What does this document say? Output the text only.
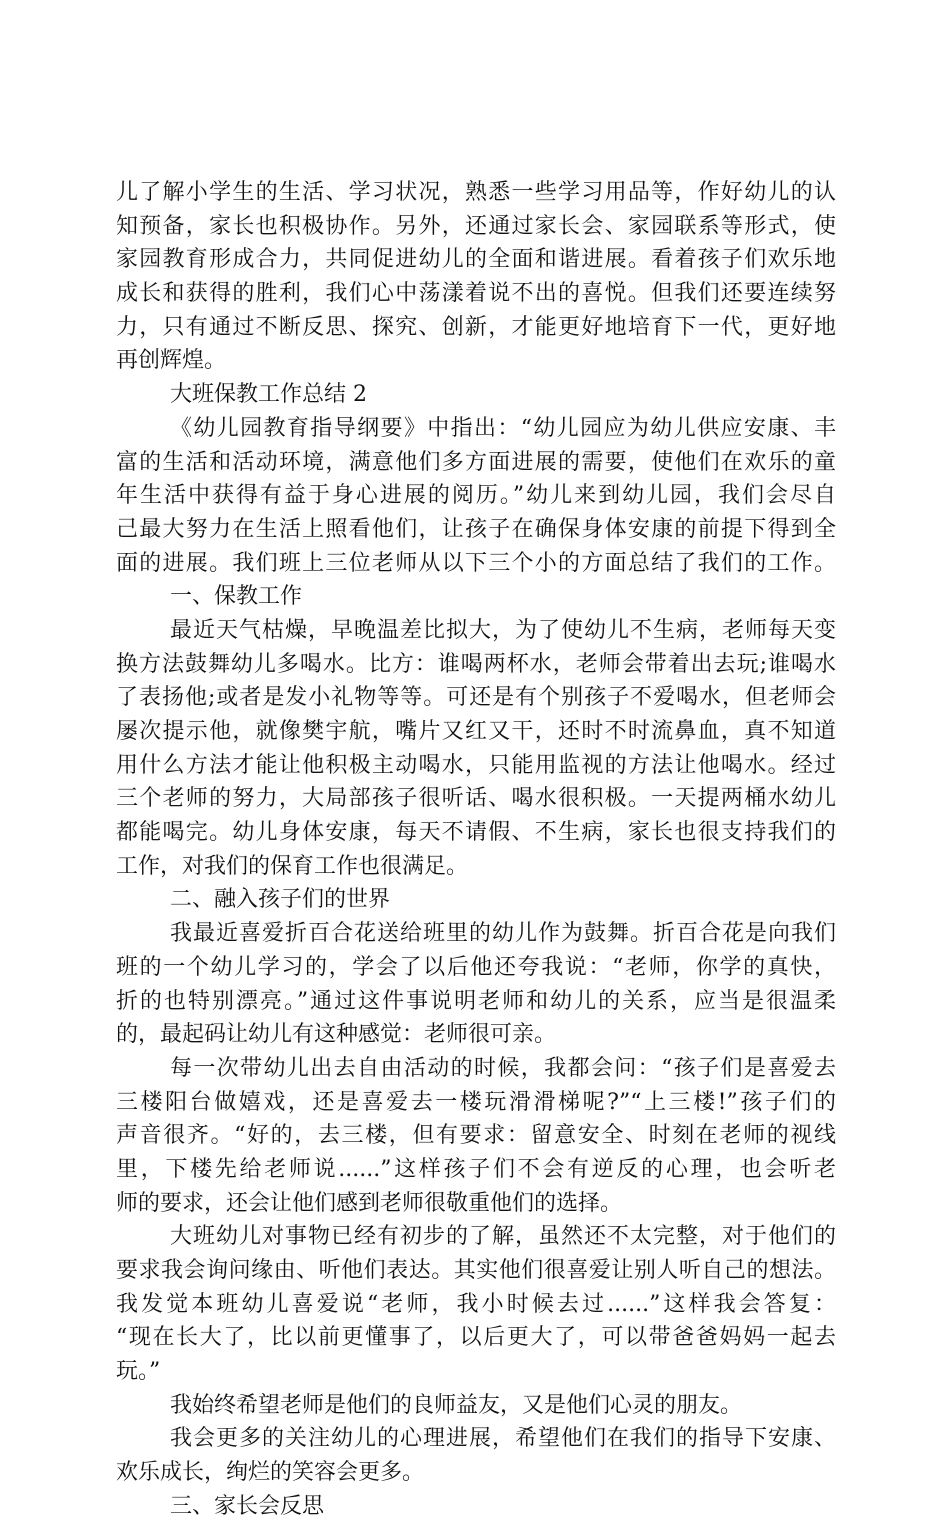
儿了解小学生的生活、学习状况，熟悉一些学习用品等，作好幼儿的认
知预备，家长也积极协作。另外，还通过家长会、家园联系等形式，使
家园教育形成合力，共同促进幼儿的全面和谐进展。看着孩子们欢乐地
成长和获得的胜利，我们心中荡漾着说不出的喜悦。但我们还要连续努
力，只有通过不断反思、探究、创新，才能更好地培育下一代，更好地
再创辉煌。
大班保教工作总结 2
《幼儿园教育指导纲要》中指出：“幼儿园应为幼儿供应安康、丰
富的生活和活动环境，满意他们多方面进展的需要，使他们在欢乐的童
年生活中获得有益于身心进展的阅历。”幼儿来到幼儿园，我们会尽自
己最大努力在生活上照看他们，让孩子在确保身体安康的前提下得到全
面的进展。我们班上三位老师从以下三个小的方面总结了我们的工作。
一、保教工作
最近天气枯燥，早晚温差比拟大，为了使幼儿不生病，老师每天变
换方法鼓舞幼儿多喝水。比方：谁喝两杯水，老师会带着出去玩;谁喝水
了表扬他;或者是发小礼物等等。可还是有个别孩子不爱喝水，但老师会
屡次提示他，就像樊宇航，嘴片又红又干，还时不时流鼻血，真不知道
用什么方法才能让他积极主动喝水，只能用监视的方法让他喝水。经过
三个老师的努力，大局部孩子很听话、喝水很积极。一天提两桶水幼儿
都能喝完。幼儿身体安康，每天不请假、不生病，家长也很支持我们的
工作，对我们的保育工作也很满足。
二、融入孩子们的世界
我最近喜爱折百合花送给班里的幼儿作为鼓舞。折百合花是向我们
班的一个幼儿学习的，学会了以后他还夸我说：“老师，你学的真快，
折的也特别漂亮。”通过这件事说明老师和幼儿的关系，应当是很温柔
的，最起码让幼儿有这种感觉：老师很可亲。
每一次带幼儿出去自由活动的时候，我都会问：“孩子们是喜爱去
三楼阳台做嬉戏，还是喜爱去一楼玩滑滑梯呢?”“上三楼!”孩子们的
声音很齐。“好的，去三楼，但有要求：留意安全、时刻在老师的视线
里，下楼先给老师说......”这样孩子们不会有逆反的心理，也会听老
师的要求，还会让他们感到老师很敬重他们的选择。
大班幼儿对事物已经有初步的了解，虽然还不太完整，对于他们的
要求我会询问缘由、听他们表达。其实他们很喜爱让别人听自己的想法。
我发觉本班幼儿喜爱说“老师，我小时候去过......”这样我会答复：
“现在长大了，比以前更懂事了，以后更大了，可以带爸爸妈妈一起去
玩。”
我始终希望老师是他们的良师益友，又是他们心灵的朋友。
我会更多的关注幼儿的心理进展，希望他们在我们的指导下安康、
欢乐成长，绚烂的笑容会更多。
三、家长会反思
